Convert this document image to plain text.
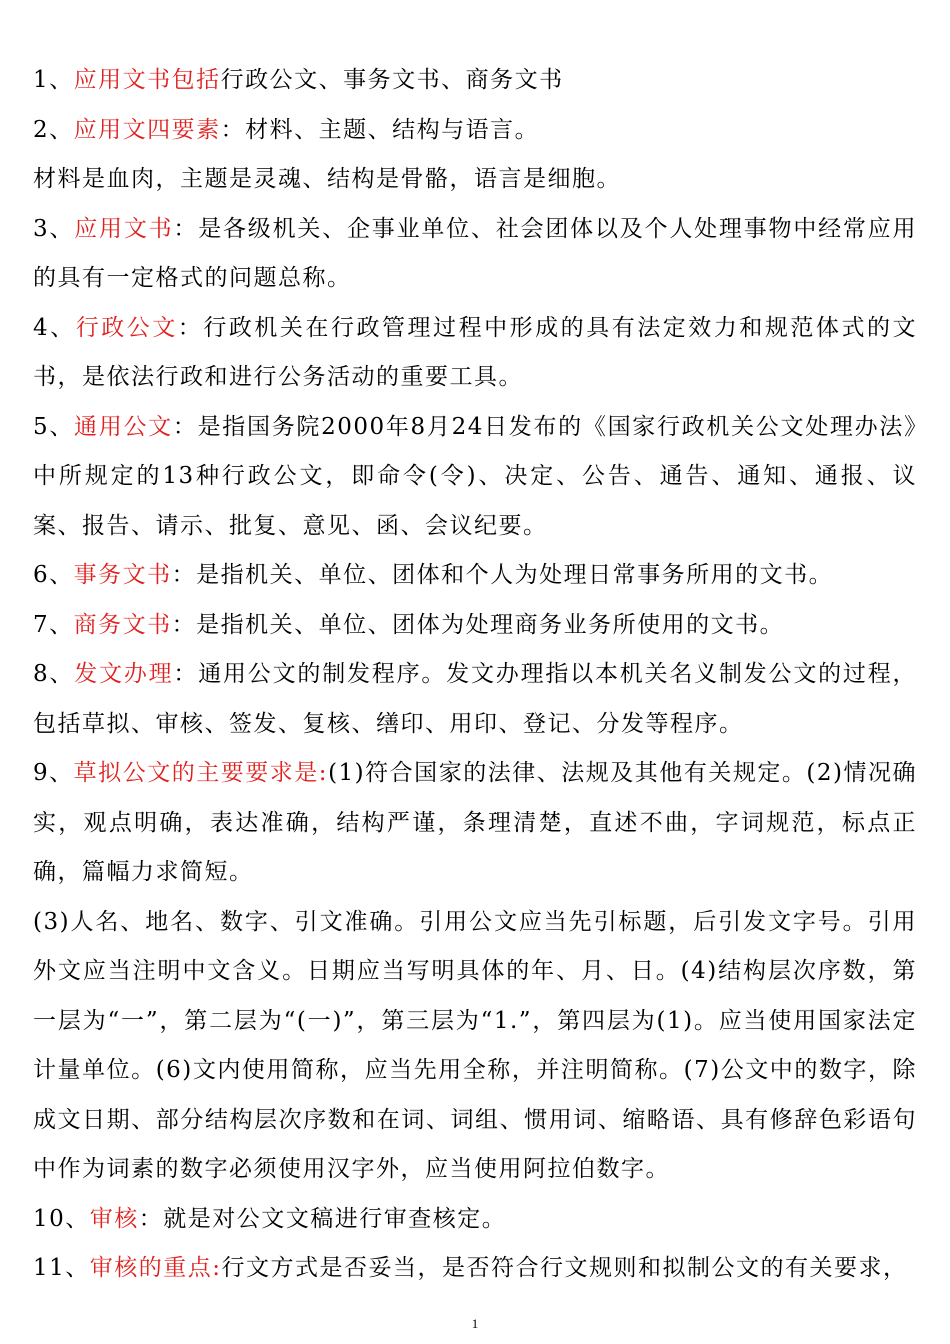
1、应用文书包括行政公文、事务文书、商务文书

2、应用文四要素：材料、主题、结构与语言。

材料是血肉，主题是灵魂、结构是骨骼，语言是细胞。

3、应用文书：是各级机关、企事业单位、社会团体以及个人处理事物中经常应用的具有一定格式的问题总称。

4、行政公文：行政机关在行政管理过程中形成的具有法定效力和规范体式的文书，是依法行政和进行公务活动的重要工具。

5、通用公文：是指国务院2000年8月24日发布的《国家行政机关公文处理办法》中所规定的13种行政公文，即命令(令)、决定、公告、通告、通知、通报、议案、报告、请示、批复、意见、函、会议纪要。

6、事务文书：是指机关、单位、团体和个人为处理日常事务所用的文书。

7、商务文书：是指机关、单位、团体为处理商务业务所使用的文书。

8、发文办理：通用公文的制发程序。发文办理指以本机关名义制发公文的过程，包括草拟、审核、签发、复核、缮印、用印、登记、分发等程序。

9、草拟公文的主要要求是:(1)符合国家的法律、法规及其他有关规定。(2)情况确实，观点明确，表达准确，结构严谨，条理清楚，直述不曲，字词规范，标点正确，篇幅力求简短。

(3)人名、地名、数字、引文准确。引用公文应当先引标题，后引发文字号。引用外文应当注明中文含义。日期应当写明具体的年、月、日。(4)结构层次序数，第一层为“一”，第二层为“(一)”，第三层为“1.”，第四层为(1)。应当使用国家法定计量单位。(6)文内使用简称，应当先用全称，并注明简称。(7)公文中的数字，除成文日期、部分结构层次序数和在词、词组、惯用词、缩略语、具有修辞色彩语句中作为词素的数字必须使用汉字外，应当使用阿拉伯数字。

10、审核：就是对公文文稿进行审查核定。

11、审核的重点:行文方式是否妥当，是否符合行文规则和拟制公文的有关要求，

1
